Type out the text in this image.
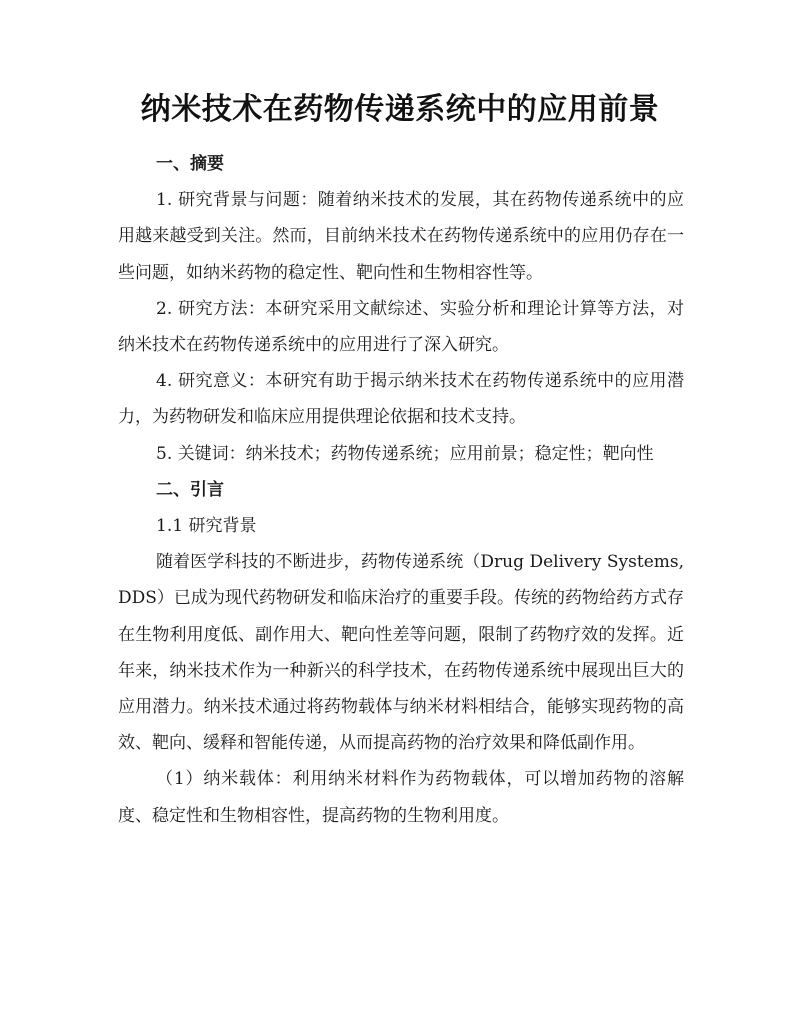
纳米技术在药物传递系统中的应用前景

一、摘要

1. 研究背景与问题：随着纳米技术的发展，其在药物传递系统中的应用越来越受到关注。然而，目前纳米技术在药物传递系统中的应用仍存在一些问题，如纳米药物的稳定性、靶向性和生物相容性等。

2. 研究方法：本研究采用文献综述、实验分析和理论计算等方法，对纳米技术在药物传递系统中的应用进行了深入研究。

4. 研究意义：本研究有助于揭示纳米技术在药物传递系统中的应用潜力，为药物研发和临床应用提供理论依据和技术支持。

5. 关键词：纳米技术；药物传递系统；应用前景；稳定性；靶向性

二、引言

1.1 研究背景

随着医学科技的不断进步，药物传递系统（Drug Delivery Systems, DDS）已成为现代药物研发和临床治疗的重要手段。传统的药物给药方式存在生物利用度低、副作用大、靶向性差等问题，限制了药物疗效的发挥。近年来，纳米技术作为一种新兴的科学技术，在药物传递系统中展现出巨大的应用潜力。纳米技术通过将药物载体与纳米材料相结合，能够实现药物的高效、靶向、缓释和智能传递，从而提高药物的治疗效果和降低副作用。

（1）纳米载体：利用纳米材料作为药物载体，可以增加药物的溶解度、稳定性和生物相容性，提高药物的生物利用度。
